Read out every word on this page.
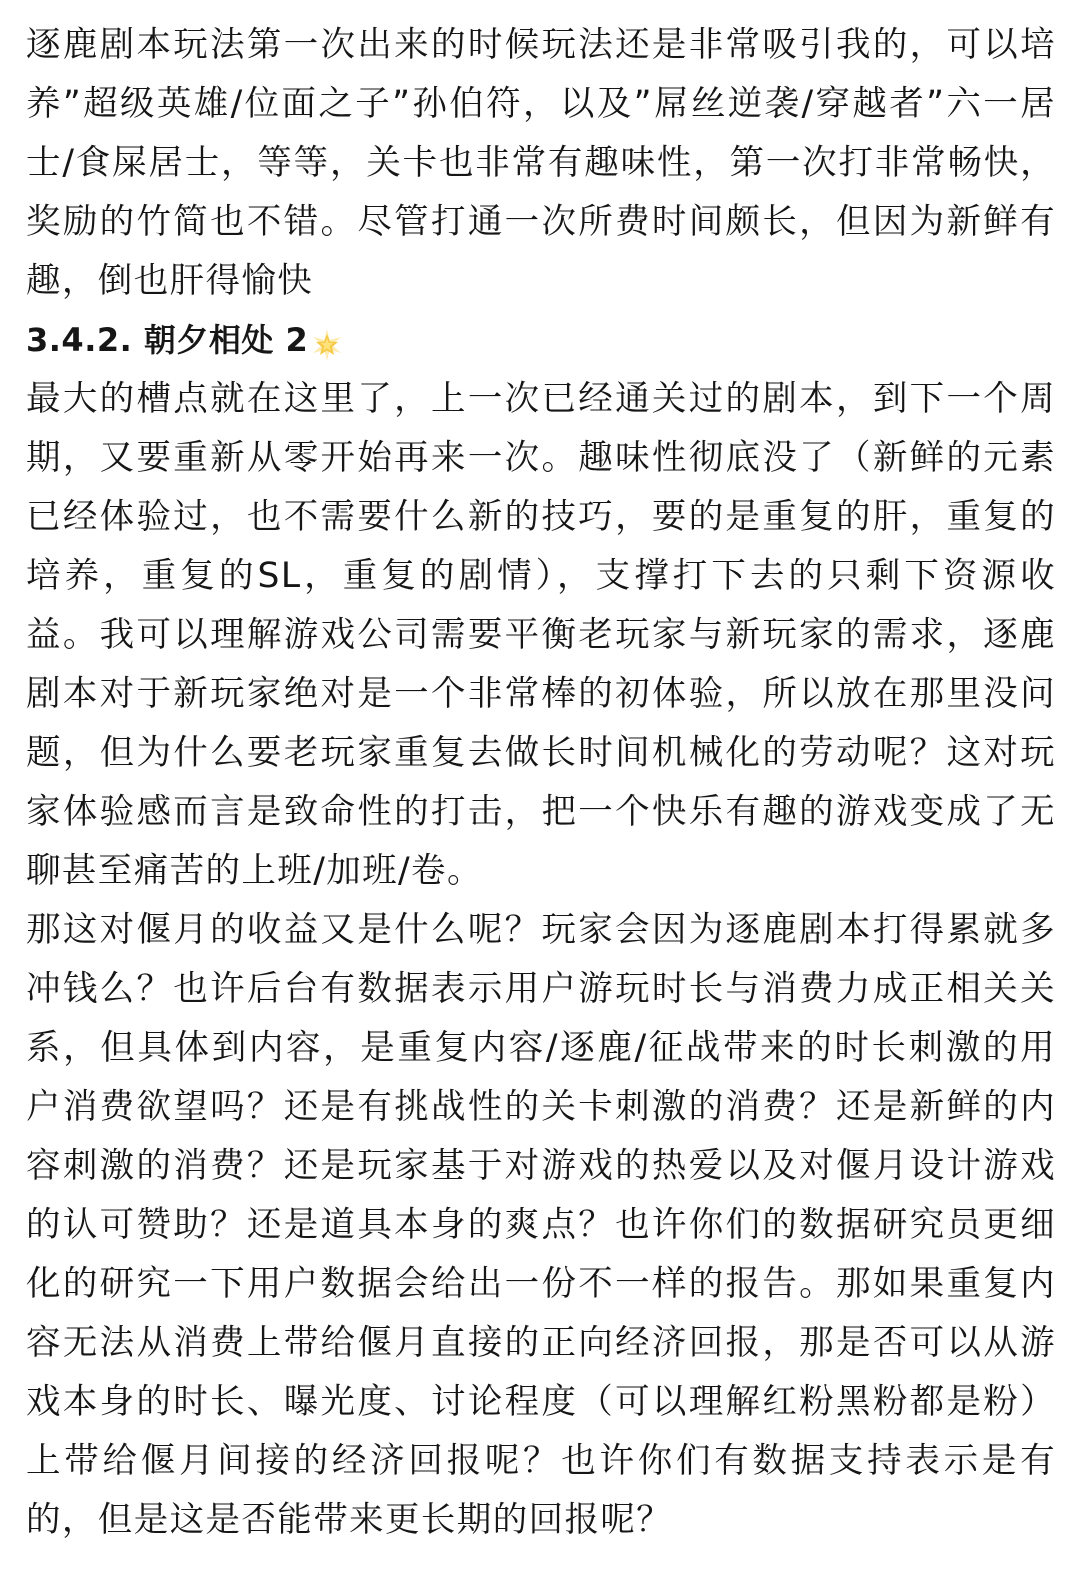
逐鹿剧本玩法第一次出来的时候玩法还是非常吸引我的，可以培养”超级英雄/位面之子”孙伯符，以及”屌丝逆袭/穿越者”六一居士/食屎居士，等等，关卡也非常有趣味性，第一次打非常畅快，奖励的竹简也不错。尽管打通一次所费时间颇长，但因为新鲜有趣，倒也肝得愉快

3.4.2. 朝夕相处 2

最大的槽点就在这里了，上一次已经通关过的剧本，到下一个周期，又要重新从零开始再来一次。趣味性彻底没了（新鲜的元素已经体验过，也不需要什么新的技巧，要的是重复的肝，重复的培养，重复的SL，重复的剧情），支撑打下去的只剩下资源收益。我可以理解游戏公司需要平衡老玩家与新玩家的需求，逐鹿剧本对于新玩家绝对是一个非常棒的初体验，所以放在那里没问题，但为什么要老玩家重复去做长时间机械化的劳动呢？这对玩家体验感而言是致命性的打击，把一个快乐有趣的游戏变成了无聊甚至痛苦的上班/加班/卷。

那这对偃月的收益又是什么呢？玩家会因为逐鹿剧本打得累就多冲钱么？也许后台有数据表示用户游玩时长与消费力成正相关关系，但具体到内容，是重复内容/逐鹿/征战带来的时长刺激的用户消费欲望吗？还是有挑战性的关卡刺激的消费？还是新鲜的内容刺激的消费？还是玩家基于对游戏的热爱以及对偃月设计游戏的认可赞助？还是道具本身的爽点？也许你们的数据研究员更细化的研究一下用户数据会给出一份不一样的报告。那如果重复内容无法从消费上带给偃月直接的正向经济回报，那是否可以从游戏本身的时长、曝光度、讨论程度（可以理解红粉黑粉都是粉）上带给偃月间接的经济回报呢？也许你们有数据支持表示是有的，但是这是否能带来更长期的回报呢？
